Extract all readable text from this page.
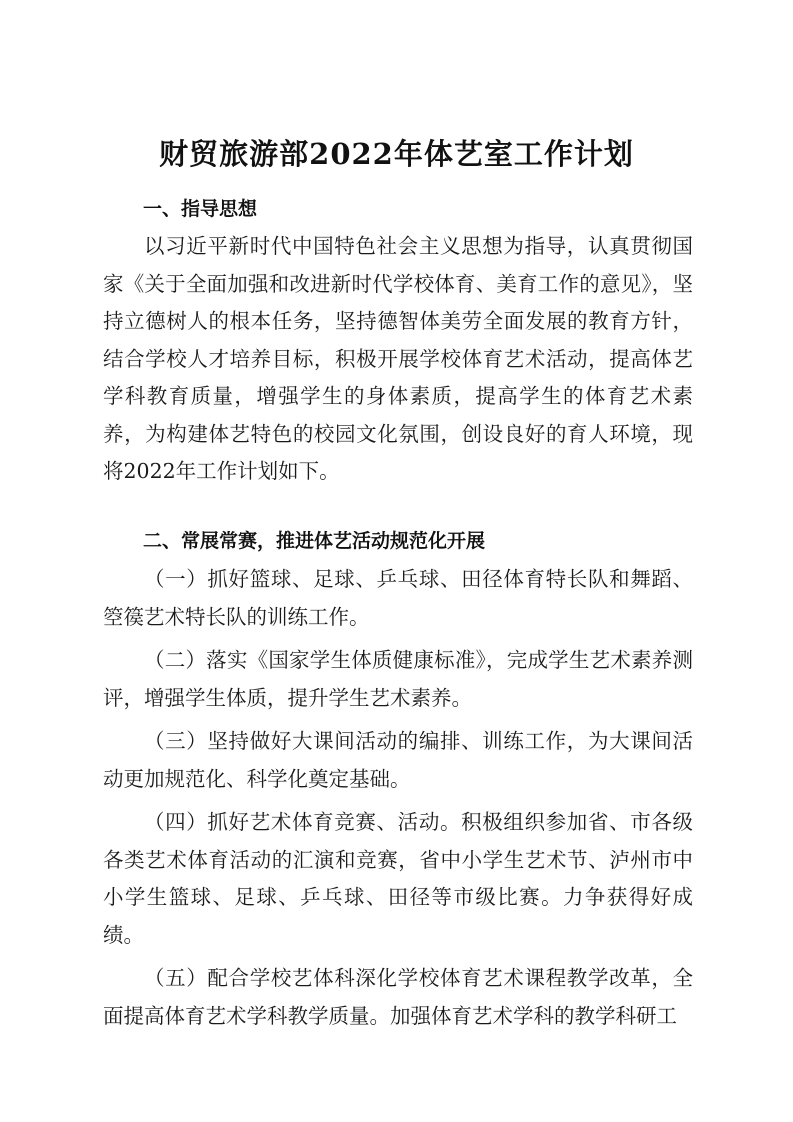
财贸旅游部2022年体艺室工作计划
一、指导思想

以习近平新时代中国特色社会主义思想为指导，认真贯彻国家《关于全面加强和改进新时代学校体育、美育工作的意见》，坚持立德树人的根本任务，坚持德智体美劳全面发展的教育方针，结合学校人才培养目标，积极开展学校体育艺术活动，提高体艺学科教育质量，增强学生的身体素质，提高学生的体育艺术素养，为构建体艺特色的校园文化氛围，创设良好的育人环境，现将2022年工作计划如下。

二、常展常赛，推进体艺活动规范化开展

（一）抓好篮球、足球、乒乓球、田径体育特长队和舞蹈、箜篌艺术特长队的训练工作。

（二）落实《国家学生体质健康标准》，完成学生艺术素养测评，增强学生体质，提升学生艺术素养。

（三）坚持做好大课间活动的编排、训练工作，为大课间活动更加规范化、科学化奠定基础。

（四）抓好艺术体育竞赛、活动。积极组织参加省、市各级各类艺术体育活动的汇演和竞赛，省中小学生艺术节、泸州市中小学生篮球、足球、乒乓球、田径等市级比赛。力争获得好成绩。

（五）配合学校艺体科深化学校体育艺术课程教学改革，全面提高体育艺术学科教学质量。加强体育艺术学科的教学科研工
